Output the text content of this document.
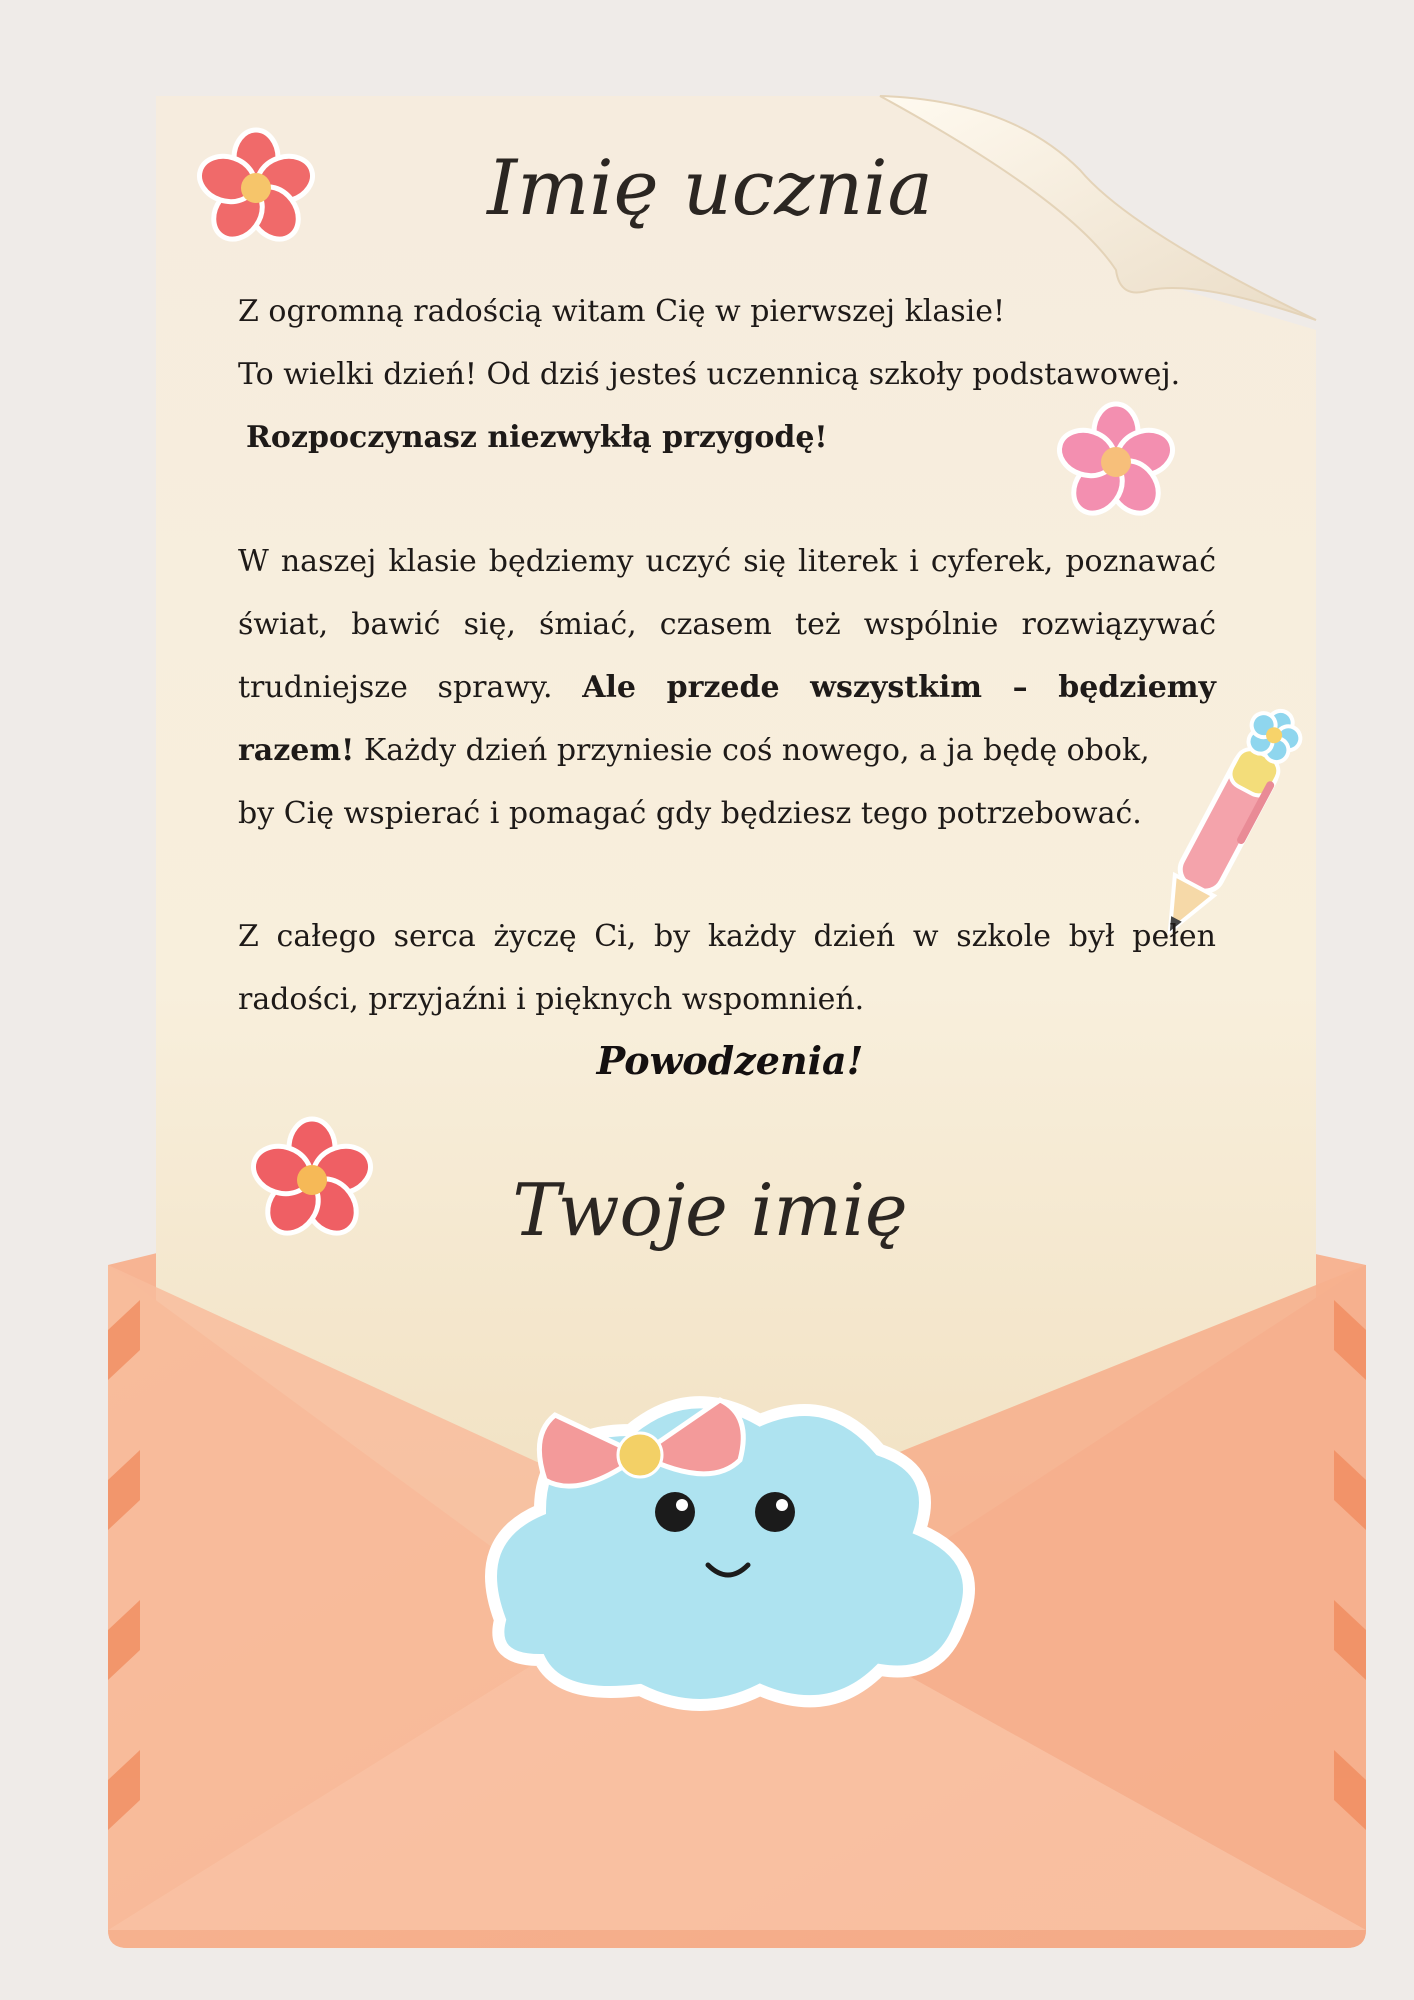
Imię ucznia
Z ogromną radością witam Cię w pierwszej klasie!
To wielki dzień! Od dziś jesteś uczennicą szkoły podstawowej.
Rozpoczynasz niezwykłą przygodę!
W naszej klasie będziemy uczyć się literek i cyferek, poznawać
świat, bawić się, śmiać, czasem też wspólnie rozwiązywać
trudniejsze sprawy. Ale przede wszystkim – będziemy
razem! Każdy dzień przyniesie coś nowego, a ja będę obok,
by Cię wspierać i pomagać gdy będziesz tego potrzebować.
Z całego serca życzę Ci, by każdy dzień w szkole był pełen
radości, przyjaźni i pięknych wspomnień.
Powodzenia!
Twoje imię
